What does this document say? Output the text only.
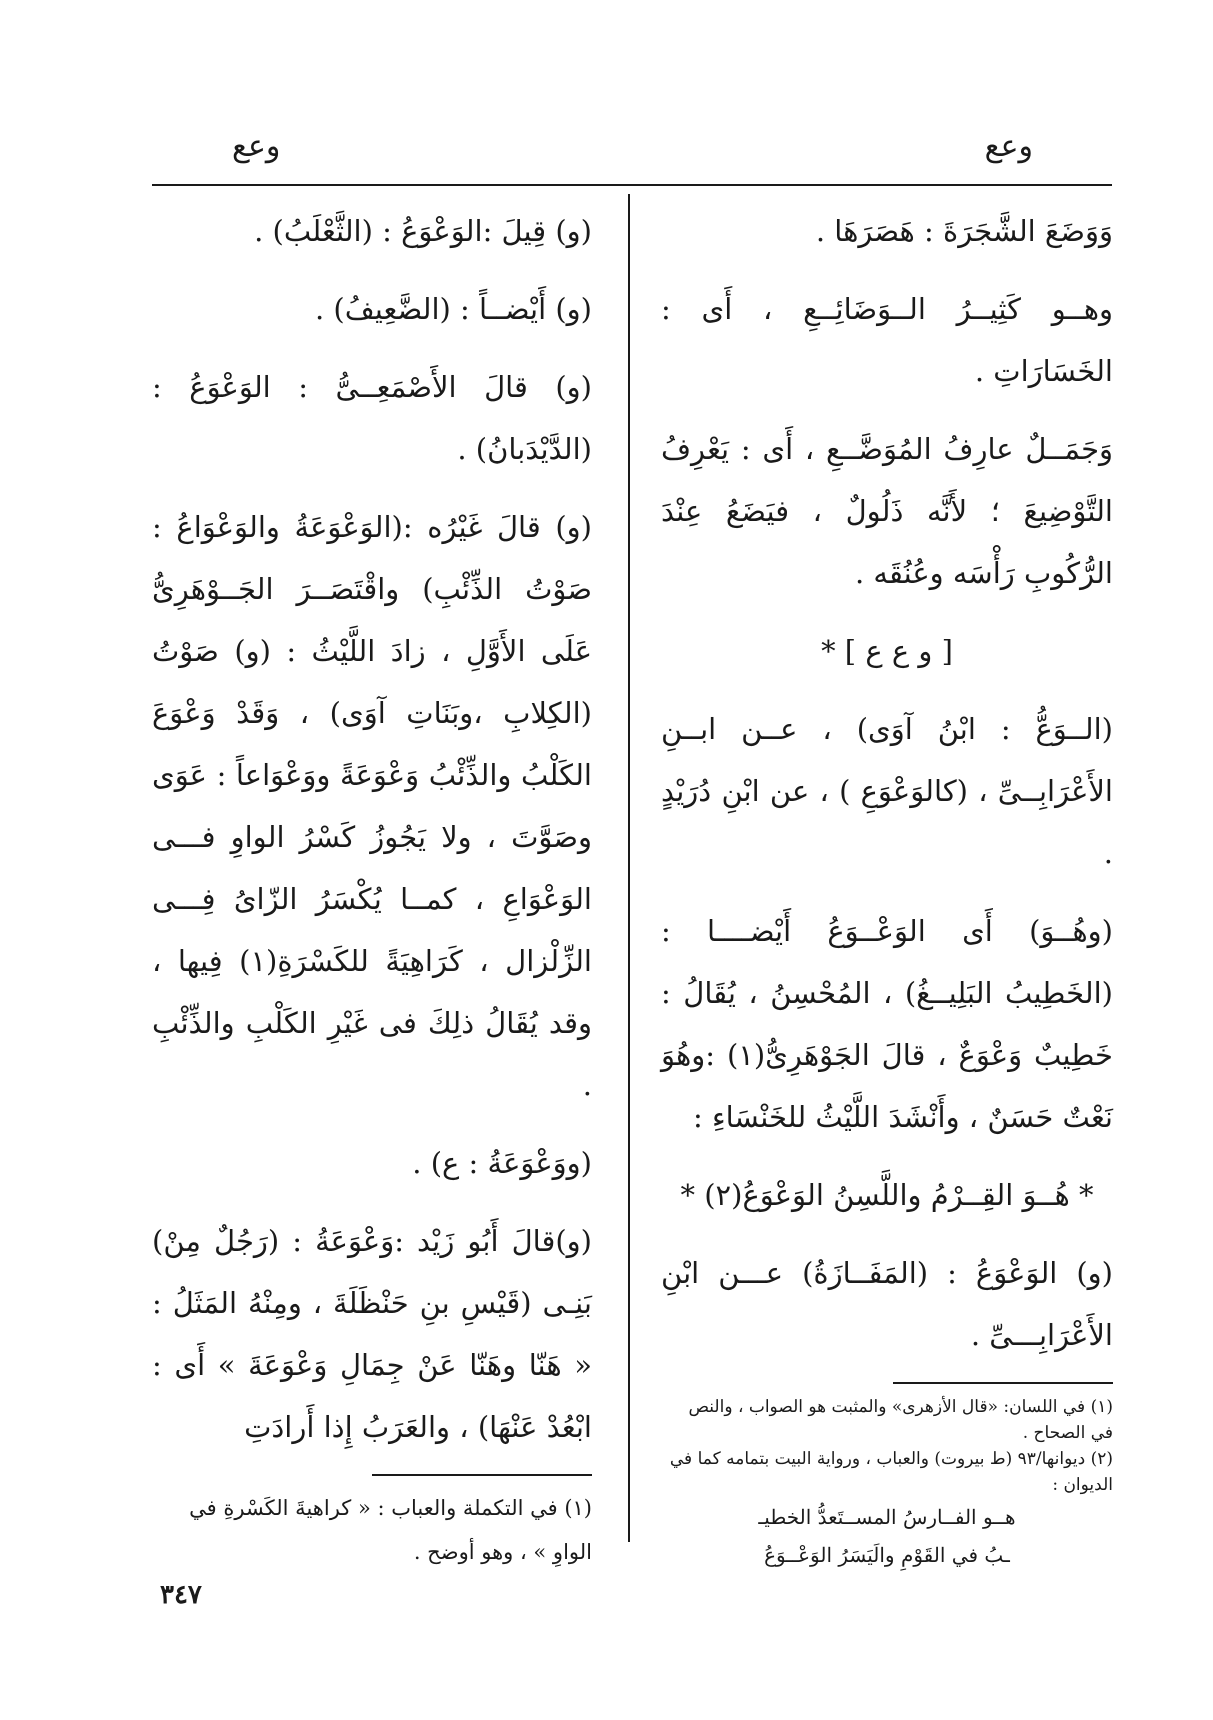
وعع
وعع

وَوَضَعَ الشَّجَرَةَ : هَصَرَهَا .

وهــو كَثِيــرُ الــوَضَائِــعِ ، أَى : الخَسَارَاتِ .

وَجَمَــلٌ عارِفُ المُوَضَّــعِ ، أَى : يَعْرِفُ التَّوْضِيعَ ؛ لأَنَّه ذَلُولٌ ، فيَضَعُ عِنْدَ الرُّكُوبِ رَأْسَه وعُنُقَه .

[ و ع ع ] *

(الــوَعُّ : ابْنُ آوَى) ، عــن ابــنِ الأَعْرَابِــىِّ ، (كالوَعْوَعِ ) ، عن ابْنِ دُرَيْدٍ .

(وهُــوَ) أَى الوَعْــوَعُ أَيْضــــا : (الخَطِيبُ البَلِيــغُ) ، المُحْسِنُ ، يُقَالُ : خَطِيبٌ وَعْوَعٌ ، قالَ الجَوْهَرِىُّ(١) :وهُوَ نَعْتٌ حَسَنٌ ، وأَنْشَدَ اللَّيْثُ للخَنْسَاءِ :

* هُــوَ القِــرْمُ واللَّسِنُ الوَعْوَعُ(٢) *

(و) الوَعْوَعُ : (المَفَــازَةُ) عـــن ابْنِ الأَعْرَابِـــىِّ .

(١) في اللسان: «قال الأزهرى» والمثبت هو الصواب ، والنص في الصحاح .

(٢) ديوانها/٩٣ (ط بيروت) والعباب ، ورواية البيت بتمامه كما في الديوان :

هــو الفــارسُ المســتَعدُّ الخطيـ

ـبُ في القَوْمِ والَيَسَرُ الوَعْــوَعُ

(و) قِيلَ :الوَعْوَعُ : (الثَّعْلَبُ) .

(و) أَيْضــاً : (الضَّعِيفُ) .

(و) قالَ الأَصْمَعِــىُّ : الوَعْوَعُ : (الدَّيْدَبانُ) .

(و) قالَ غَيْرُه :(الوَعْوَعَةُ والوَعْوَاعُ : صَوْتُ الذِّئْبِ) واقْتَصَــرَ الجَــوْهَرِىُّ عَلَى الأَوَّلِ ، زادَ اللَّيْثُ : (و) صَوْتُ (الكِلابِ ،وبَنَاتِ آوَى) ، وَقَدْ وَعْوَعَ الكَلْبُ والذِّئْبُ وَعْوَعَةً ووَعْوَاعاً : عَوَى وصَوَّتَ ، ولا يَجُوزُ كَسْرُ الواوِ فـــى الوَعْوَاعِ ، كمــا يُكْسَرُ الزّاىُ فِـــى الزِّلْزال ، كَرَاهِيَةً للكَسْرَةِ(١) فِيها ، وقد يُقَالُ ذلِكَ فى غَيْرِ الكَلْبِ والذِّئْبِ .

(ووَعْوَعَةُ : ع) .

(و)قالَ أَبُو زَيْد :وَعْوَعَةُ : (رَجُلٌ مِنْ) بَنِـى (قَيْسِ بنِ حَنْظَلَةَ ، ومِنْهُ المَثَلُ : « هَنّا وهَنّا عَنْ جِمَالِ وَعْوَعَةَ » أَى : ابْعُدْ عَنْهَا) ، والعَرَبُ إِذا أَرادَتِ

(١) في التكملة والعباب : « كراهيةَ الكَسْرةِ في الواوِ » ، وهو أوضح .

٣٤٧
